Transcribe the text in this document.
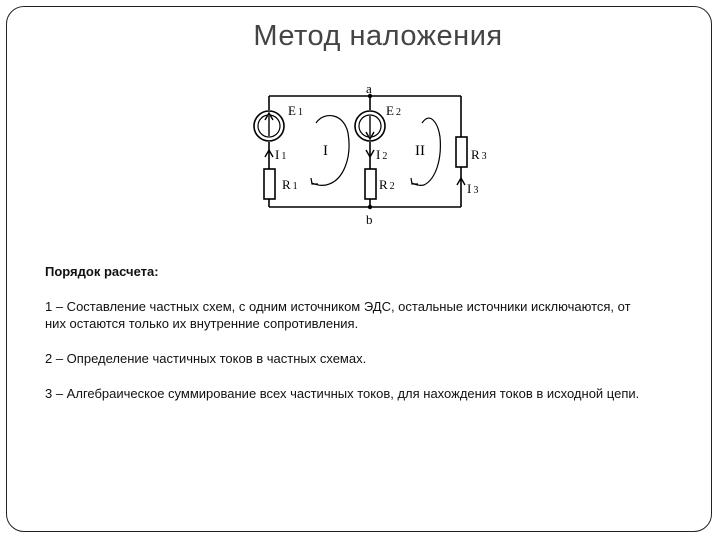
Метод наложения
a
b
E 1	E 2
I 1	I 2
I 3
R 1	R 2
R 3
I	II
Порядок расчета:
1 – Составление частных схем, с одним источником ЭДС, остальные источники исключаются, от них остаются только их внутренние сопротивления.
2 – Определение частичных токов в частных схемах.
3 – Алгебраическое суммирование всех частичных токов, для нахождения токов в исходной цепи.
